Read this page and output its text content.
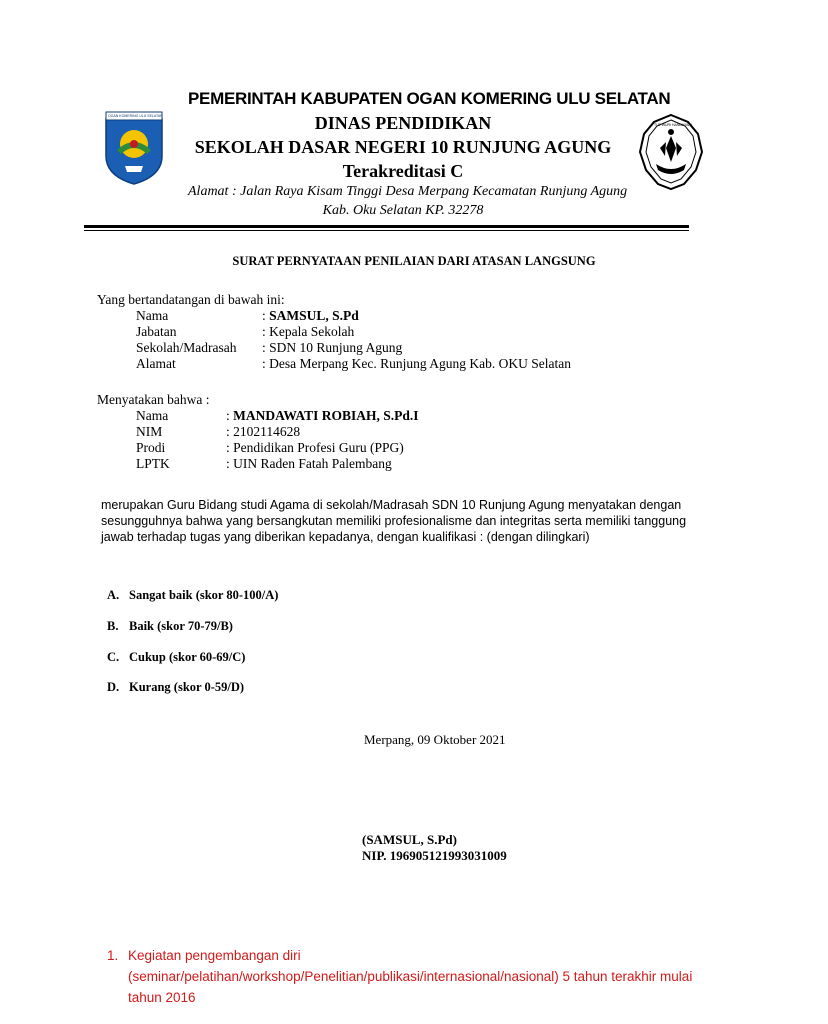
OGAN KOMERING ULU SELATAN
TUT WURI HANDAYANI
PEMERINTAH KABUPATEN OGAN KOMERING ULU SELATAN
DINAS PENDIDIKAN
SEKOLAH DASAR NEGERI 10 RUNJUNG AGUNG
Terakreditasi C
Alamat : Jalan Raya Kisam Tinggi Desa Merpang Kecamatan Runjung Agung
Kab. Oku Selatan KP. 32278
SURAT PERNYATAAN PENILAIAN DARI ATASAN LANGSUNG
Yang bertandatangan di bawah ini:
Nama	: SAMSUL, S.Pd
Jabatan	: Kepala Sekolah
Sekolah/Madrasah : SDN 10 Runjung Agung
Alamat	: Desa Merpang Kec. Runjung Agung Kab. OKU Selatan
Menyatakan bahwa :
Nama	: MANDAWATI ROBIAH, S.Pd.I
NIM	: 2102114628
Prodi	: Pendidikan Profesi Guru (PPG)
LPTK	: UIN Raden Fatah Palembang
merupakan Guru Bidang studi Agama di sekolah/Madrasah SDN 10 Runjung Agung menyatakan dengan sesungguhnya bahwa yang bersangkutan memiliki profesionalisme dan integritas serta memiliki tanggung jawab terhadap tugas yang diberikan kepadanya, dengan kualifikasi : (dengan dilingkari)
A. Sangat baik (skor 80-100/A)
B. Baik (skor 70-79/B)
C. Cukup (skor 60-69/C)
D. Kurang (skor 0-59/D)
Merpang, 09 Oktober 2021
(SAMSUL, S.Pd)
NIP. 196905121993031009
1. Kegiatan pengembangan diri (seminar/pelatihan/workshop/Penelitian/publikasi/internasional/nasional) 5 tahun terakhir mulai tahun 2016
